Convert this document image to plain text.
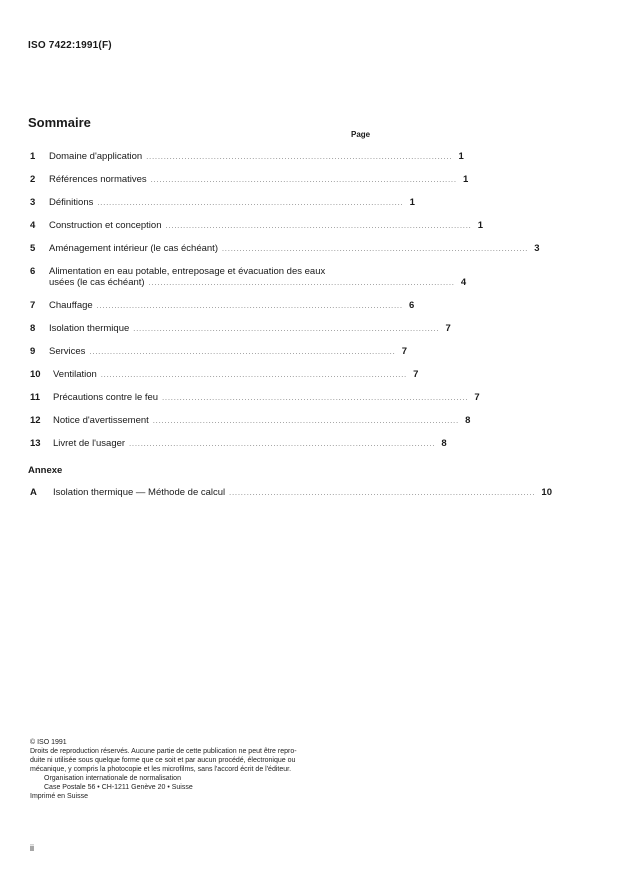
ISO 7422:1991(F)
Sommaire
Page
1	Domaine d'application ........................................................................................................ 1
2	Références normatives ........................................................................................................ 1
3	Définitions ........................................................................................................ 1
4	Construction et conception ........................................................................................................ 1
5	Aménagement intérieur (le cas échéant) ........................................................................................................ 3
6	Alimentation en eau potable, entreposage et évacuation des eaux
usées (le cas échéant) ........................................................................................................ 4
7	Chauffage ........................................................................................................ 6
8	Isolation thermique ........................................................................................................ 7
9	Services ........................................................................................................ 7
10	Ventilation ........................................................................................................ 7
11	Précautions contre le feu ........................................................................................................ 7
12	Notice d'avertissement ........................................................................................................ 8
13	Livret de l'usager ........................................................................................................ 8
Annexe
A	Isolation thermique — Méthode de calcul ........................................................................................................ 10
© ISO 1991
Droits de reproduction réservés. Aucune partie de cette publication ne peut être repro-
duite ni utilisée sous quelque forme que ce soit et par aucun procédé, électronique ou
mécanique, y compris la photocopie et les microfilms, sans l'accord écrit de l'éditeur.
Organisation internationale de normalisation
Case Postale 56 • CH-1211 Genève 20 • Suisse
Imprimé en Suisse
ii
